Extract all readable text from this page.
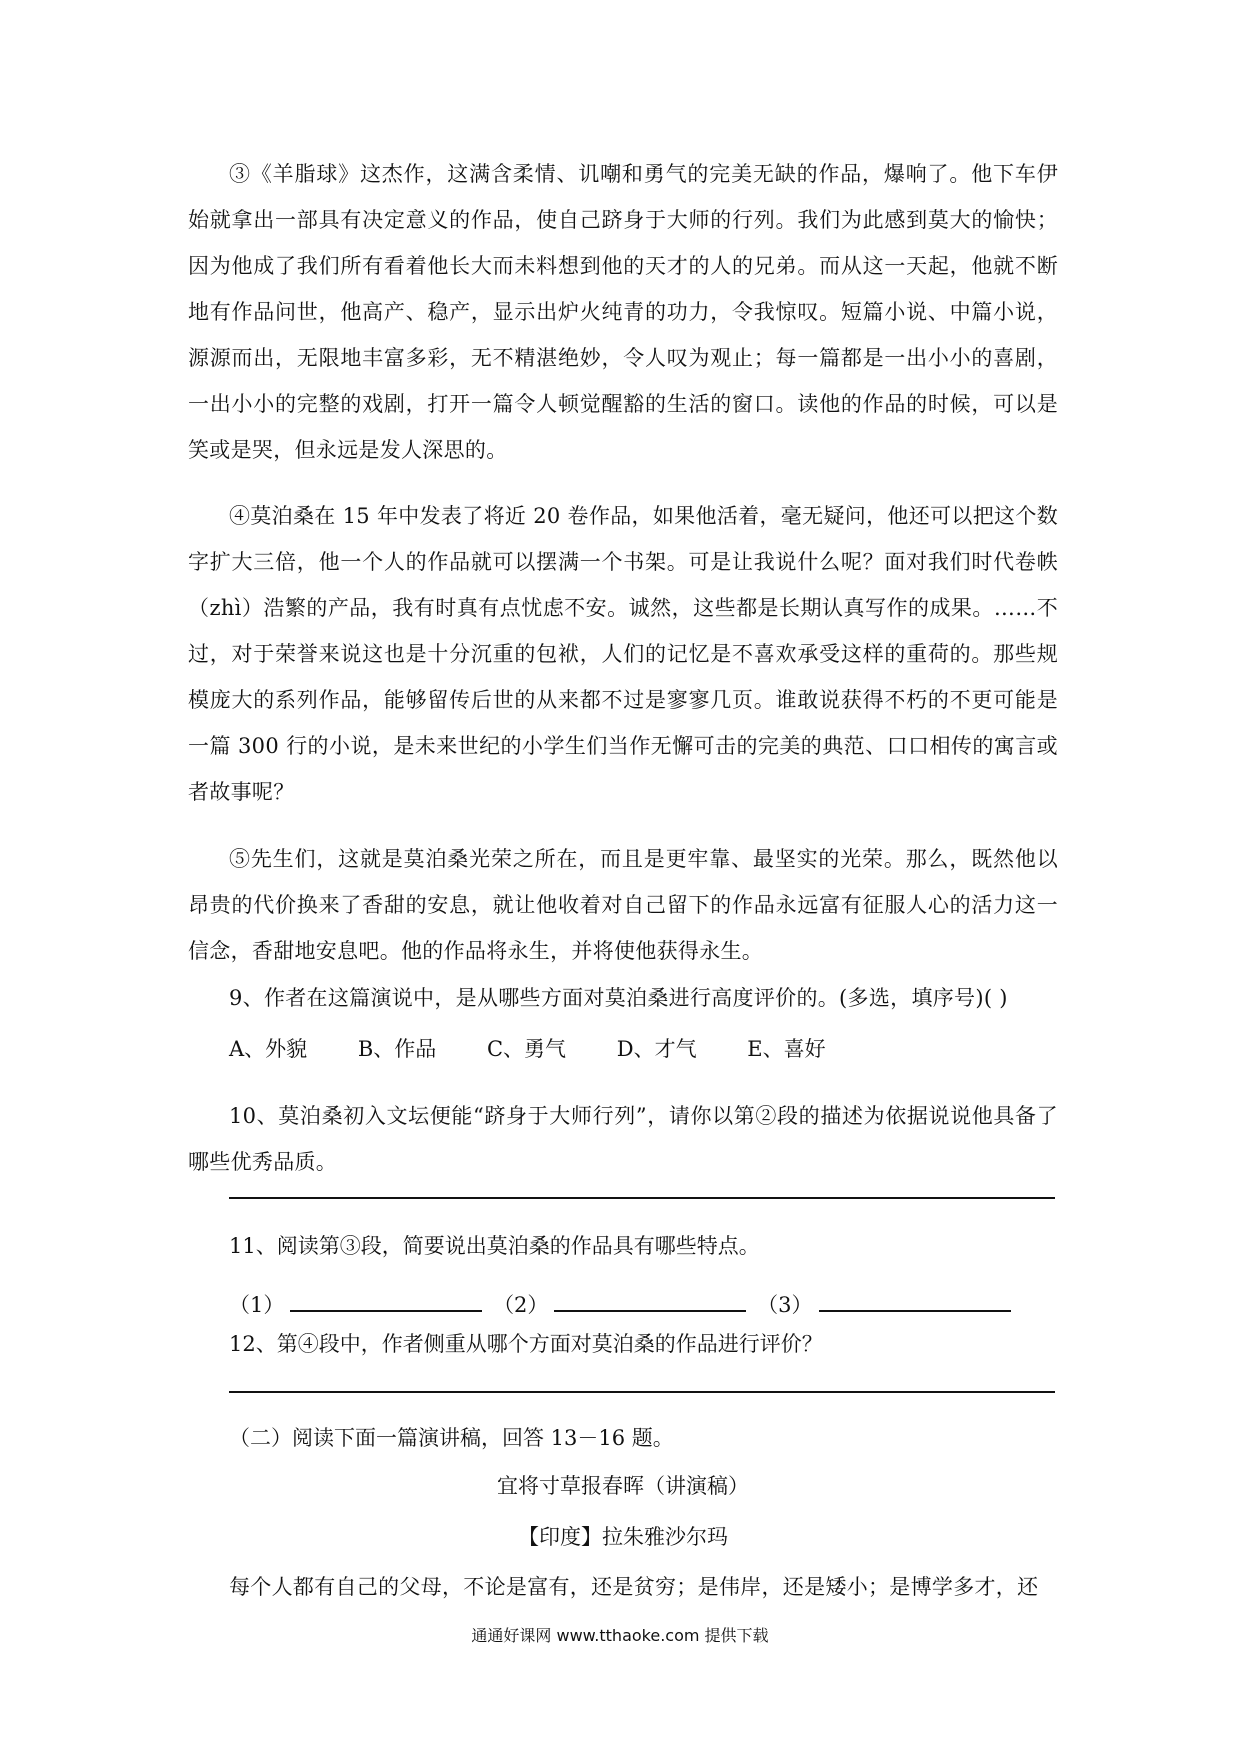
③《羊脂球》这杰作，这满含柔情、讥嘲和勇气的完美无缺的作品，爆响了。他下车伊始就拿出一部具有决定意义的作品，使自己跻身于大师的行列。我们为此感到莫大的愉快；因为他成了我们所有看着他长大而未料想到他的天才的人的兄弟。而从这一天起，他就不断地有作品问世，他高产、稳产，显示出炉火纯青的功力，令我惊叹。短篇小说、中篇小说，源源而出，无限地丰富多彩，无不精湛绝妙，令人叹为观止；每一篇都是一出小小的喜剧，一出小小的完整的戏剧，打开一篇令人顿觉醒豁的生活的窗口。读他的作品的时候，可以是笑或是哭，但永远是发人深思的。

④莫泊桑在 15 年中发表了将近 20 卷作品，如果他活着，毫无疑问，他还可以把这个数字扩大三倍，他一个人的作品就可以摆满一个书架。可是让我说什么呢？面对我们时代卷帙（zhì）浩繁的产品，我有时真有点忧虑不安。诚然，这些都是长期认真写作的成果。……不过，对于荣誉来说这也是十分沉重的包袱，人们的记忆是不喜欢承受这样的重荷的。那些规模庞大的系列作品，能够留传后世的从来都不过是寥寥几页。谁敢说获得不朽的不更可能是一篇 300 行的小说，是未来世纪的小学生们当作无懈可击的完美的典范、口口相传的寓言或者故事呢？

⑤先生们，这就是莫泊桑光荣之所在，而且是更牢靠、最坚实的光荣。那么，既然他以昂贵的代价换来了香甜的安息，就让他收着对自己留下的作品永远富有征服人心的活力这一信念，香甜地安息吧。他的作品将永生，并将使他获得永生。

9、作者在这篇演说中，是从哪些方面对莫泊桑进行高度评价的。(多选，填序号)( )

A、外貌 B、作品 C、勇气 D、才气 E、喜好

10、莫泊桑初入文坛便能“跻身于大师行列”，请你以第②段的描述为依据说说他具备了哪些优秀品质。

11、阅读第③段，简要说出莫泊桑的作品具有哪些特点。

（1）	（2）	（3）

12、第④段中，作者侧重从哪个方面对莫泊桑的作品进行评价？

（二）阅读下面一篇演讲稿，回答 13－16 题。

宜将寸草报春晖（讲演稿）

【印度】拉朱雅沙尔玛

每个人都有自己的父母，不论是富有，还是贫穷；是伟岸，还是矮小；是博学多才，还

通通好课网 www.tthaoke.com 提供下载
